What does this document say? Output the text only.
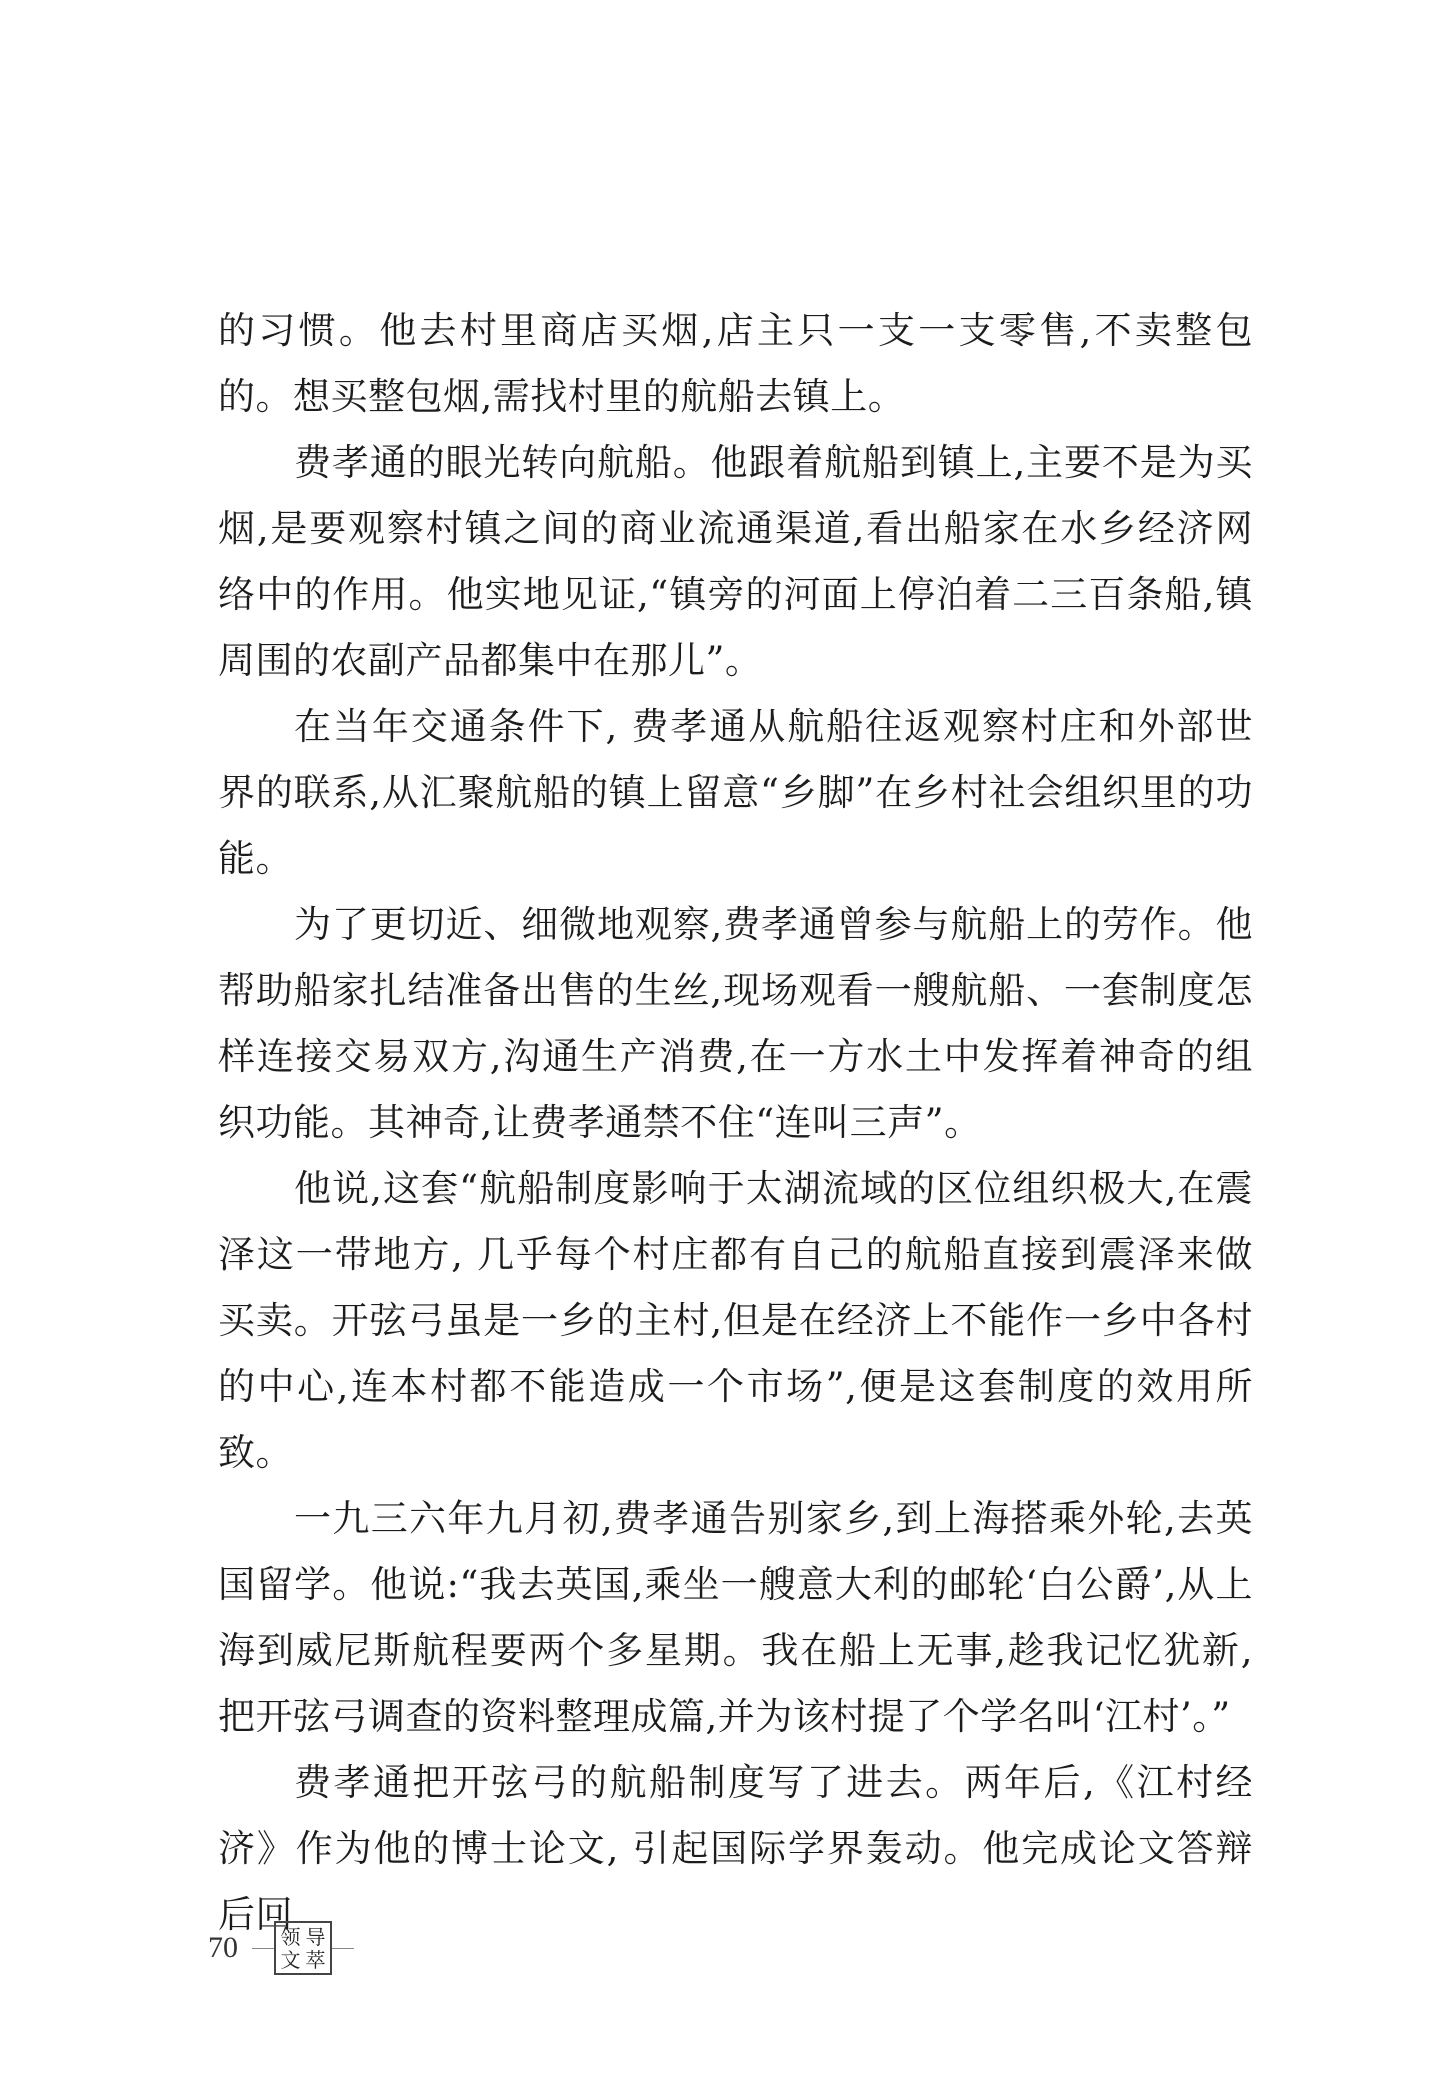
的习惯。他去村里商店买烟,店主只一支一支零售,不卖整包的。想买整包烟,需找村里的航船去镇上。

费孝通的眼光转向航船。他跟着航船到镇上,主要不是为买烟,是要观察村镇之间的商业流通渠道,看出船家在水乡经济网络中的作用。他实地见证,“镇旁的河面上停泊着二三百条船,镇周围的农副产品都集中在那儿”。

在当年交通条件下, 费孝通从航船往返观察村庄和外部世界的联系,从汇聚航船的镇上留意“乡脚”在乡村社会组织里的功能。

为了更切近、细微地观察,费孝通曾参与航船上的劳作。他帮助船家扎结准备出售的生丝,现场观看一艘航船、一套制度怎样连接交易双方,沟通生产消费,在一方水土中发挥着神奇的组织功能。其神奇,让费孝通禁不住“连叫三声”。

他说,这套“航船制度影响于太湖流域的区位组织极大,在震泽这一带地方, 几乎每个村庄都有自己的航船直接到震泽来做买卖。开弦弓虽是一乡的主村,但是在经济上不能作一乡中各村的中心,连本村都不能造成一个市场”,便是这套制度的效用所致。

一九三六年九月初,费孝通告别家乡,到上海搭乘外轮,去英国留学。他说:“我去英国,乘坐一艘意大利的邮轮‘白公爵’,从上海到威尼斯航程要两个多星期。我在船上无事,趁我记忆犹新,把开弦弓调查的资料整理成篇,并为该村提了个学名叫‘江村’。”

费孝通把开弦弓的航船制度写了进去。两年后,《江村经济》作为他的博士论文, 引起国际学界轰动。他完成论文答辩后回

70 领 导
文 萃
